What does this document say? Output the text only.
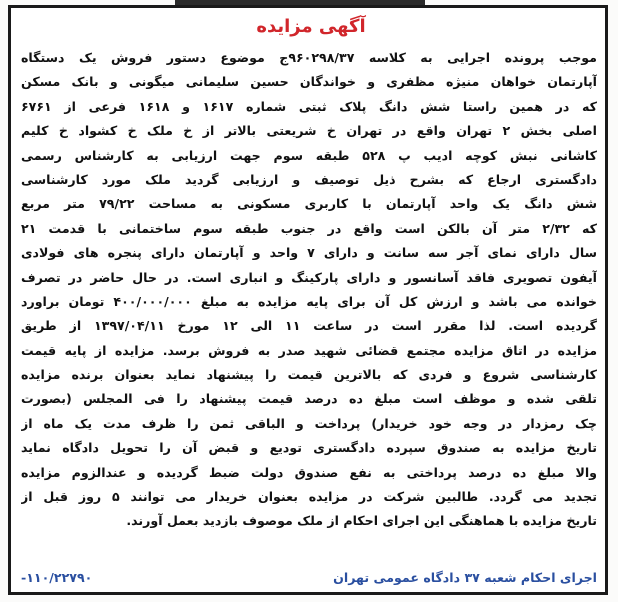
آگهی مزایده
موجب پرونده اجرایی به کلاسه ۹۶۰۲۹۸/۳۷ج موضوع دستور فروش یک دستگاه
آپارتمان خواهان منیژه مظفری و خواندگان حسین سلیمانی میگونی و بانک مسکن
که در همین راستا شش دانگ پلاک ثبتی شماره ۱۶۱۷ و ۱۶۱۸ فرعی از ۶۷۶۱
اصلی بخش ۲ تهران واقع در تهران خ شریعتی بالاتر از خ ملک خ کشواد خ کلیم
کاشانی نبش کوچه ادیب پ ۵۲۸ طبقه سوم جهت ارزیابی به کارشناس رسمی
دادگستری ارجاع که بشرح ذیل توصیف و ارزیابی گردید ملک مورد کارشناسی
شش دانگ یک واحد آپارتمان با کاربری مسکونی به مساحت ۷۹/۲۲ متر مربع
که ۲/۳۲ متر آن بالکن است واقع در جنوب طبقه سوم ساختمانی با قدمت ۲۱
سال دارای نمای آجر سه سانت و دارای ۷ واحد و آپارتمان دارای پنجره های فولادی
آیفون تصویری فاقد آسانسور و دارای پارکینگ و انباری است. در حال حاضر در تصرف
خوانده می باشد و ارزش کل آن برای پایه مزایده به مبلغ ۴۰۰/۰۰۰/۰۰۰ تومان براورد
گردیده است. لذا مقرر است در ساعت ۱۱ الی ۱۲ مورخ ۱۳۹۷/۰۴/۱۱ از طریق
مزایده در اتاق مزایده مجتمع قضائی شهید صدر به فروش برسد. مزایده از پایه قیمت
کارشناسی شروع و فردی که بالاترین قیمت را پیشنهاد نماید بعنوان برنده مزایده
تلقی شده و موظف است مبلغ ده درصد قیمت پیشنهاد را فی المجلس (بصورت
چک رمزدار در وجه خود خریدار) پرداخت و الباقی ثمن را ظرف مدت یک ماه از
تاریخ مزایده به صندوق سپرده دادگستری تودیع و قبض آن را تحویل دادگاه نماید
والا مبلغ ده درصد پرداختی به نفع صندوق دولت ضبط گردیده و عندالزوم مزایده
تجدید می گردد. طالبین شرکت در مزایده بعنوان خریدار می توانند ۵ روز قبل از
تاریخ مزایده با هماهنگی این اجرای احکام از ملک موصوف بازدید بعمل آورند.
اجرای احکام شعبه ۳۷ دادگاه عمومی تهران
۱۱۰/۲۲۷۹۰-
